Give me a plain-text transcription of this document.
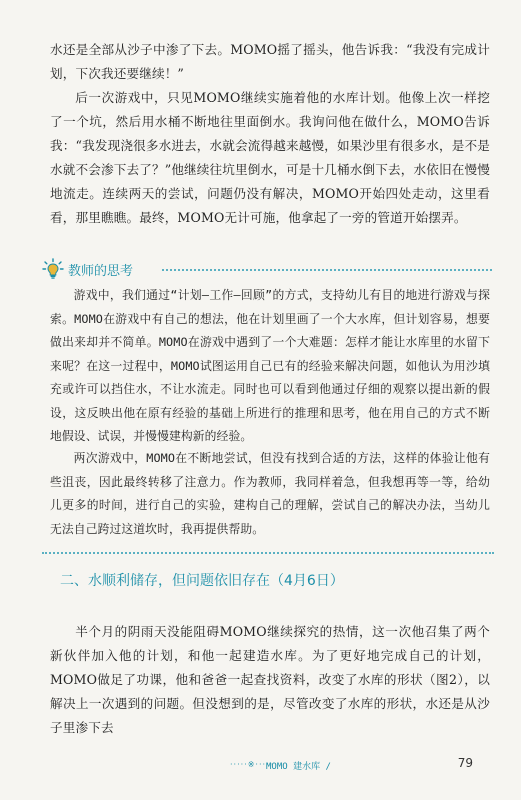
水还是全部从沙子中渗了下去。MOMO摇了摇头，他告诉我：“我没有完成计划，下次我还要继续！”

后一次游戏中，只见MOMO继续实施着他的水库计划。他像上次一样挖了一个坑，然后用水桶不断地往里面倒水。我询问他在做什么，MOMO告诉我：“我发现浇很多水进去，水就会流得越来越慢，如果沙里有很多水，是不是水就不会渗下去了？”他继续往坑里倒水，可是十几桶水倒下去，水依旧在慢慢地流走。连续两天的尝试，问题仍没有解决，MOMO开始四处走动，这里看看，那里瞧瞧。最终，MOMO无计可施，他拿起了一旁的管道开始摆弄。

教师的思考

游戏中，我们通过“计划—工作—回顾”的方式，支持幼儿有目的地进行游戏与探索。MOMO在游戏中有自己的想法，他在计划里画了一个大水库，但计划容易，想要做出来却并不简单。MOMO在游戏中遇到了一个大难题：怎样才能让水库里的水留下来呢？在这一过程中，MOMO试图运用自己已有的经验来解决问题，如他认为用沙填充或许可以挡住水，不让水流走。同时也可以看到他通过仔细的观察以提出新的假设，这反映出他在原有经验的基础上所进行的推理和思考，他在用自己的方式不断地假设、试误，并慢慢建构新的经验。

两次游戏中，MOMO在不断地尝试，但没有找到合适的方法，这样的体验让他有些沮丧，因此最终转移了注意力。作为教师，我同样着急，但我想再等一等，给幼儿更多的时间，进行自己的实验，建构自己的理解，尝试自己的解决办法，当幼儿无法自己跨过这道坎时，我再提供帮助。

二、水顺利储存，但问题依旧存在（4月6日）

半个月的阴雨天没能阻碍MOMO继续探究的热情，这一次他召集了两个新伙伴加入他的计划，和他一起建造水库。为了更好地完成自己的计划，MOMO做足了功课，他和爸爸一起查找资料，改变了水库的形状（图2），以解决上一次遇到的问题。但没想到的是，尽管改变了水库的形状，水还是从沙子里渗下去

·····※·····
MOMO 建水库 /	79
